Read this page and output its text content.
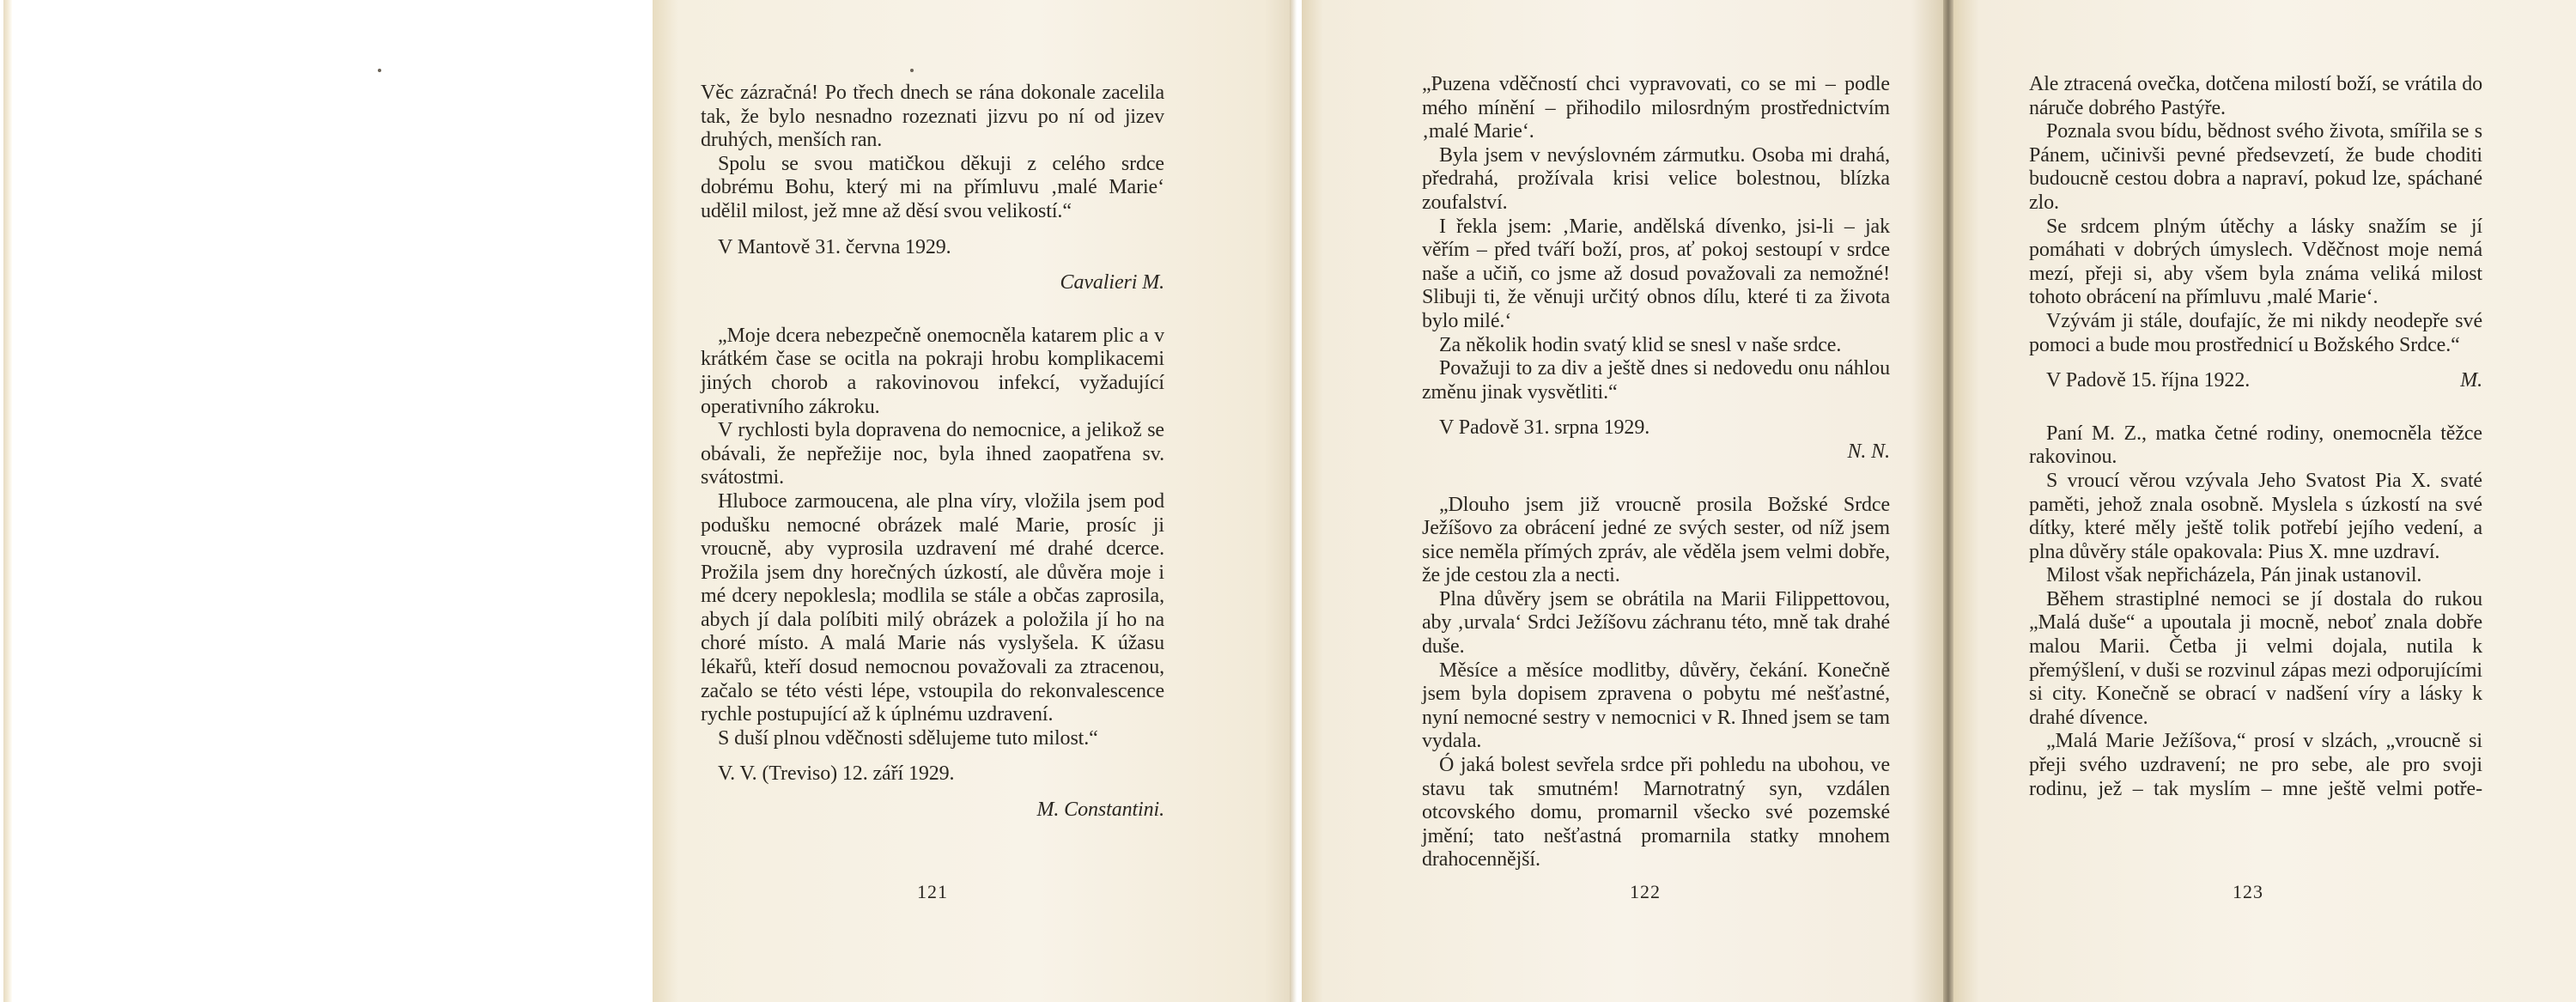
Věc zázračná! Po třech dnech se rána dokonale zacelila tak, že bylo nesnadno rozeznati jizvu po ní od jizev druhých, menších ran.

Spolu se svou matičkou děkuji z celého srdce dobrému Bohu, který mi na přímluvu ‚malé Marie‘ udělil milost, jež mne až děsí svou velikostí.“

V Mantově 31. června 1929.

Cavalieri M.

„Moje dcera nebezpečně onemocněla katarem plic a v krátkém čase se ocitla na pokraji hrobu komplikacemi jiných chorob a rakovinovou infekcí, vyžadující operativního zákroku.

V rychlosti byla dopravena do nemocnice, a jelikož se obávali, že nepřežije noc, byla ihned zaopatřena sv. svátostmi.

Hluboce zarmoucena, ale plna víry, vložila jsem pod podušku nemocné obrázek malé Marie, prosíc ji vroucně, aby vyprosila uzdravení mé drahé dcerce. Prožila jsem dny horečných úzkostí, ale důvěra moje i mé dcery nepoklesla; modlila se stále a občas zaprosila, abych jí dala políbiti milý obrázek a položila jí ho na choré místo. A malá Marie nás vyslyšela. K úžasu lékařů, kteří dosud nemocnou považovali za ztracenou, začalo se této vésti lépe, vstoupila do rekonvalescence rychle postupující až k úplnému uzdravení.

S duší plnou vděčnosti sdělujeme tuto milost.“

V. V. (Treviso) 12. září 1929.

M. Constantini.

121

„Puzena vděčností chci vypravovati, co se mi – podle mého mínění – přihodilo milosrdným prostřednictvím ‚malé Marie‘.

Byla jsem v nevýslovném zármutku. Osoba mi drahá, předrahá, prožívala krisi velice bolestnou, blízka zoufalství.

I řekla jsem: ‚Marie, andělská dívenko, jsi-li – jak věřím – před tváří boží, pros, ať pokoj sestoupí v srdce naše a učiň, co jsme až dosud považovali za nemožné! Slibuji ti, že věnuji určitý obnos dílu, které ti za života bylo milé.‘

Za několik hodin svatý klid se snesl v naše srdce.

Považuji to za div a ještě dnes si nedovedu onu náhlou změnu jinak vysvětliti.“

V Padově 31. srpna 1929.

N. N.

„Dlouho jsem již vroucně prosila Božské Srdce Ježíšovo za obrácení jedné ze svých sester, od níž jsem sice neměla přímých zpráv, ale věděla jsem velmi dobře, že jde cestou zla a necti.

Plna důvěry jsem se obrátila na Marii Filippettovou, aby ‚urvala‘ Srdci Ježíšovu záchranu této, mně tak drahé duše.

Měsíce a měsíce modlitby, důvěry, čekání. Konečně jsem byla dopisem zpravena o pobytu mé nešťastné, nyní nemocné sestry v nemocnici v R. Ihned jsem se tam vydala.

Ó jaká bolest sevřela srdce při pohledu na ubohou, ve stavu tak smutném! Marnotratný syn, vzdálen otcovského domu, promarnil všecko své pozemské jmění; tato nešťastná promarnila statky mnohem drahocennější.

122

Ale ztracená ovečka, dotčena milostí boží, se vrátila do náruče dobrého Pastýře.

Poznala svou bídu, bědnost svého života, smířila se s Pánem, učinivši pevné předsevzetí, že bude choditi budoucně cestou dobra a napraví, pokud lze, spáchané zlo.

Se srdcem plným útěchy a lásky snažím se jí pomáhati v dobrých úmyslech. Vděčnost moje nemá mezí, přeji si, aby všem byla známa veliká milost tohoto obrácení na přímluvu ‚malé Marie‘.

Vzývám ji stále, doufajíc, že mi nikdy neodepře své pomoci a bude mou prostřednicí u Božského Srdce.“

V Padově 15. října 1922.	M.

Paní M. Z., matka četné rodiny, onemocněla těžce rakovinou.

S vroucí věrou vzývala Jeho Svatost Pia X. svaté paměti, jehož znala osobně. Myslela s úzkostí na své dítky, které měly ještě tolik potřebí jejího vedení, a plna důvěry stále opakovala: Pius X. mne uzdraví.

Milost však nepřicházela, Pán jinak ustanovil.

Během strastiplné nemoci se jí dostala do rukou „Malá duše“ a upoutala ji mocně, neboť znala dobře malou Marii. Četba ji velmi dojala, nutila k přemýšlení, v duši se rozvinul zápas mezi odporujícími si city. Konečně se obrací v nadšení víry a lásky k drahé dívence.

„Malá Marie Ježíšova,“ prosí v slzách, „vroucně si přeji svého uzdravení; ne pro sebe, ale pro svoji rodinu, jež – tak myslím – mne ještě velmi potře-

123
